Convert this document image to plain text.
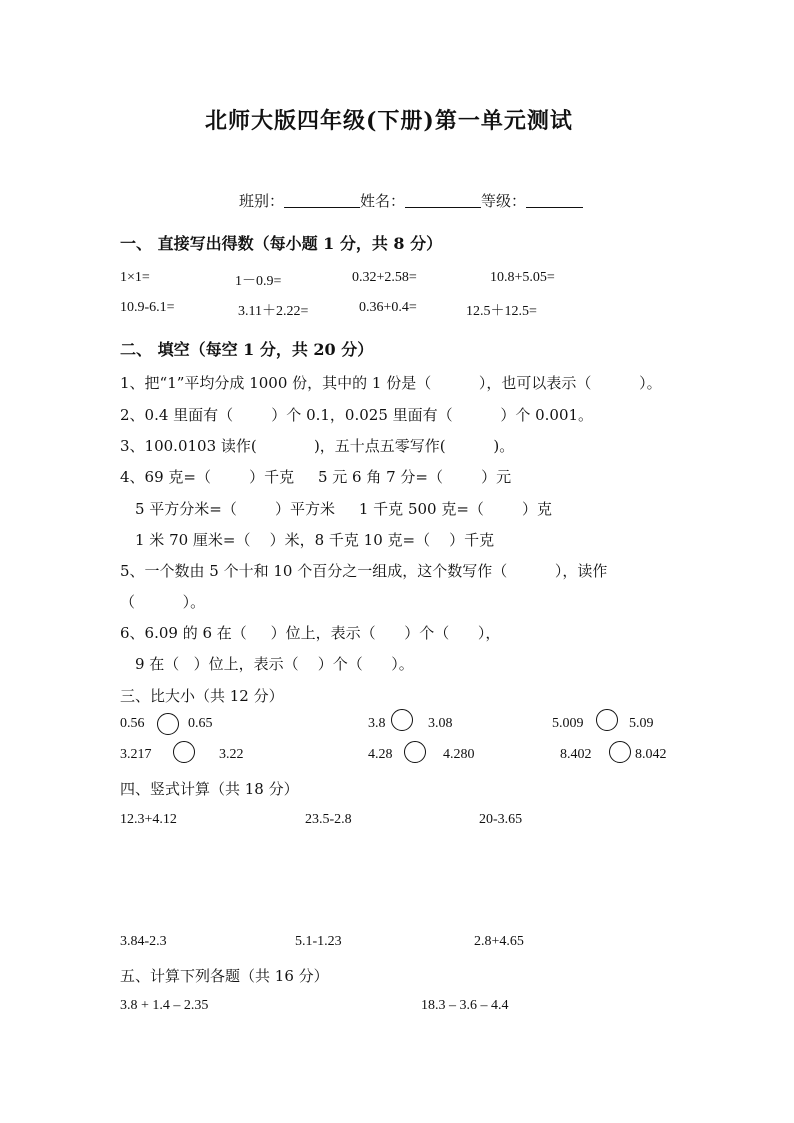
北师大版四年级(下册)第一单元测试
班别：	姓名：	等级：
一、 直接写出得数（每小题 1 分，共 8 分）
1×1=	1－0.9=	0.32+2.58=	10.8+5.05=
10.9-6.1=	3.11＋2.22=	0.36+0.4=	12.5＋12.5=
二、 填空（每空 1 分，共 20 分）
1、把“1”平均分成 1000 份，其中的 1 份是（          ），也可以表示（          ）。
2、0.4 里面有（        ）个 0.1，0.025 里面有（          ）个 0.001。
3、100.0103 读作(            )，五十点五零写作(          )。
4、69 克=（        ）千克     5 元 6 角 7 分=（        ）元
5 平方分米=（        ）平方米     1 千克 500 克=（        ）克
1 米 70 厘米=（    ）米，8 千克 10 克=（    ）千克
5、一个数由 5 个十和 10 个百分之一组成，这个数写作（          ），读作
（          ）。
6、6.09 的 6 在（     ）位上，表示（      ）个（      ），
9 在（   ）位上，表示（    ）个（      ）。
三、比大小（共 12 分）
0.56	0.65	3.8	3.08	5.009	5.09
3.217	3.22	4.28	4.280	8.402	8.042
四、竖式计算（共 18 分）
12.3+4.12	23.5-2.8	20-3.65
3.84-2.3	5.1-1.23	2.8+4.65
五、计算下列各题（共 16 分）
3.8 + 1.4 – 2.35	18.3 – 3.6 – 4.4
